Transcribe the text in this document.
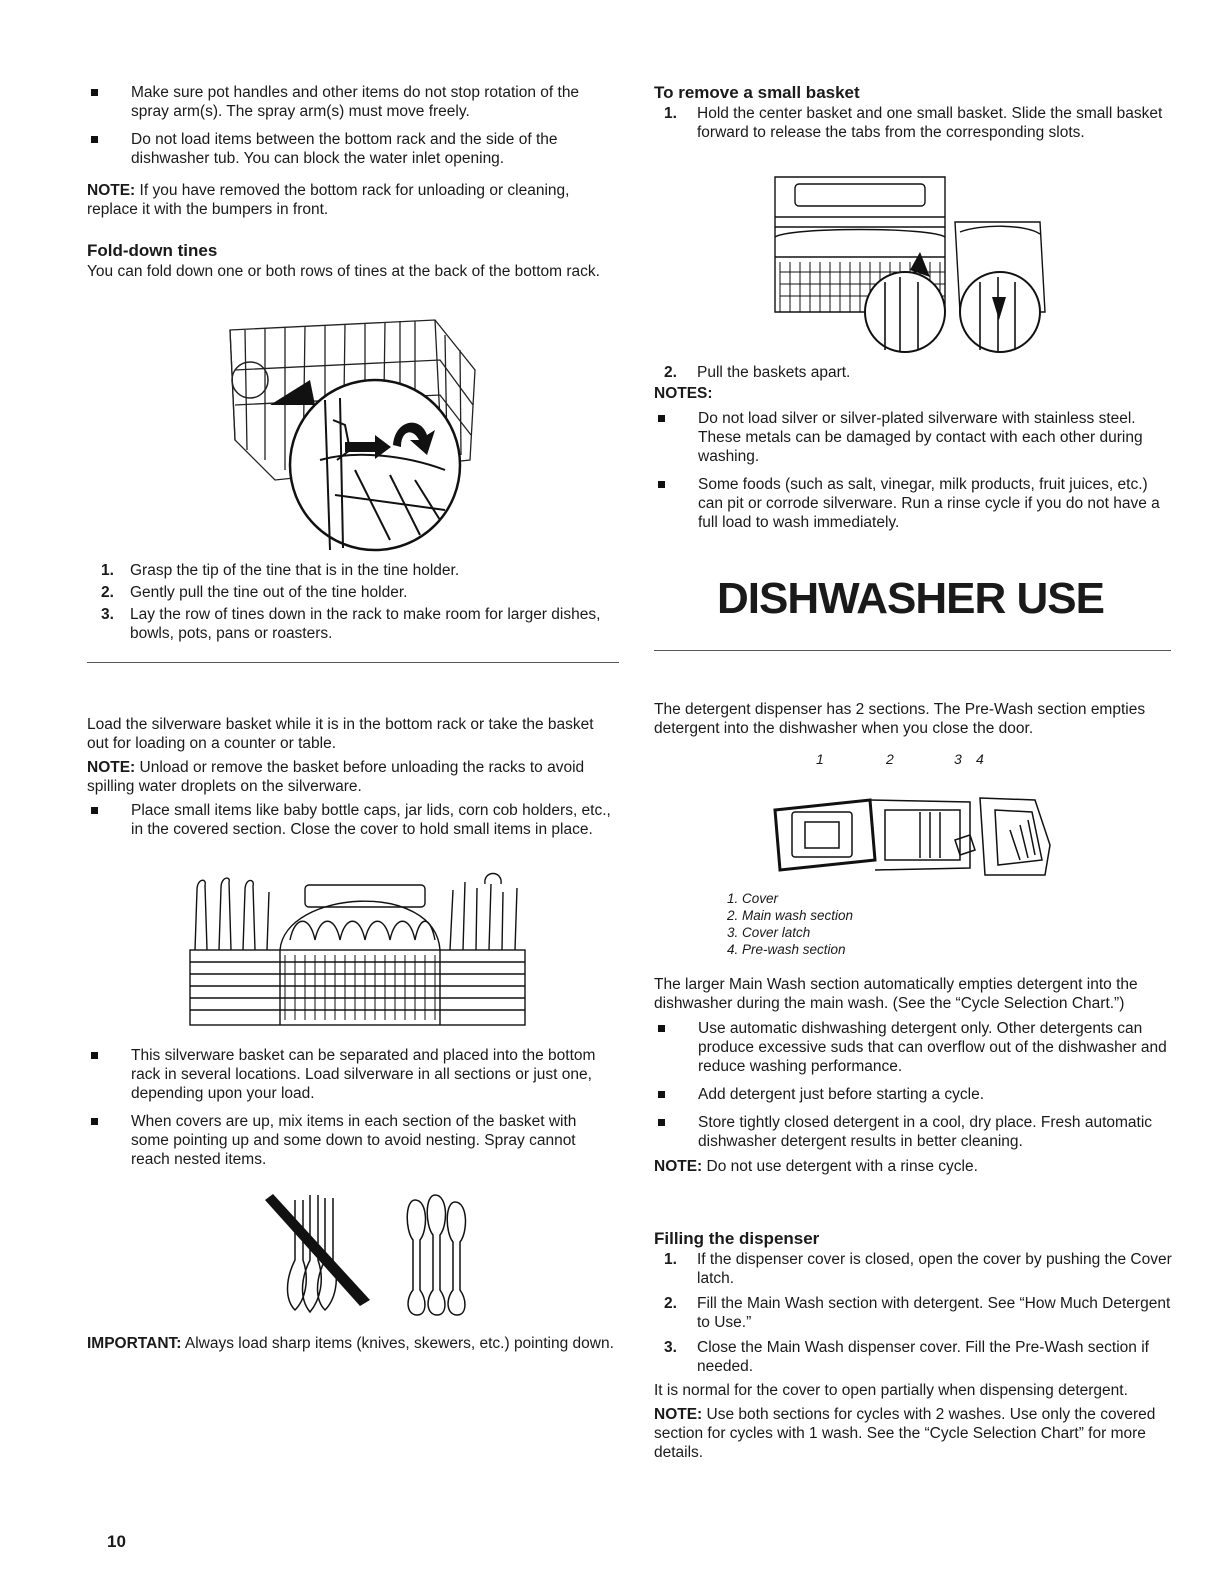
Make sure pot handles and other items do not stop rotation of the spray arm(s). The spray arm(s) must move freely.

Do not load items between the bottom rack and the side of the dishwasher tub. You can block the water inlet opening.

NOTE: If you have removed the bottom rack for unloading or cleaning, replace it with the bumpers in front.

Fold-down tines

You can fold down one or both rows of tines at the back of the bottom rack.

1. Grasp the tip of the tine that is in the tine holder.

2. Gently pull the tine out of the tine holder.

3. Lay the row of tines down in the rack to make room for larger dishes, bowls, pots, pans or roasters.

Load the silverware basket while it is in the bottom rack or take the basket out for loading on a counter or table.

NOTE: Unload or remove the basket before unloading the racks to avoid spilling water droplets on the silverware.

Place small items like baby bottle caps, jar lids, corn cob holders, etc., in the covered section. Close the cover to hold small items in place.

This silverware basket can be separated and placed into the bottom rack in several locations. Load silverware in all sections or just one, depending upon your load.

When covers are up, mix items in each section of the basket with some pointing up and some down to avoid nesting. Spray cannot reach nested items.

IMPORTANT: Always load sharp items (knives, skewers, etc.) pointing down.

10

To remove a small basket

1. Hold the center basket and one small basket. Slide the small basket forward to release the tabs from the corresponding slots.

2. Pull the baskets apart.

NOTES:

Do not load silver or silver-plated silverware with stainless steel. These metals can be damaged by contact with each other during washing.

Some foods (such as salt, vinegar, milk products, fruit juices, etc.) can pit or corrode silverware. Run a rinse cycle if you do not have a full load to wash immediately.

DISHWASHER USE
The detergent dispenser has 2 sections. The Pre-Wash section empties detergent into the dishwasher when you close the door.
1	2	3 4

1. Cover

2. Main wash section

3. Cover latch

4. Pre-wash section

The larger Main Wash section automatically empties detergent into the dishwasher during the main wash. (See the “Cycle Selection Chart.”)

Use automatic dishwashing detergent only. Other detergents can produce excessive suds that can overflow out of the dishwasher and reduce washing performance.

Add detergent just before starting a cycle.

Store tightly closed detergent in a cool, dry place. Fresh automatic dishwasher detergent results in better cleaning.

NOTE: Do not use detergent with a rinse cycle.

Filling the dispenser

1. If the dispenser cover is closed, open the cover by pushing the Cover latch.

2. Fill the Main Wash section with detergent. See “How Much Detergent to Use.”

3. Close the Main Wash dispenser cover. Fill the Pre-Wash section if needed.

It is normal for the cover to open partially when dispensing detergent.

NOTE: Use both sections for cycles with 2 washes. Use only the covered section for cycles with 1 wash. See the “Cycle Selection Chart” for more details.
